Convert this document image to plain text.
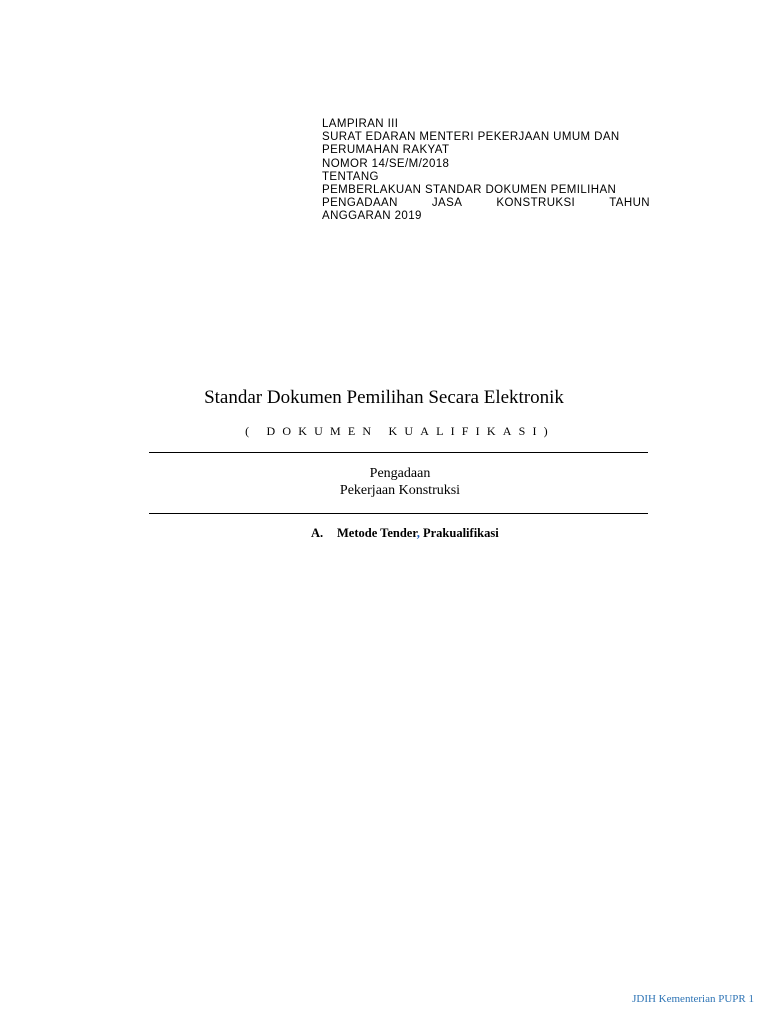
LAMPIRAN III
SURAT EDARAN MENTERI PEKERJAAN UMUM DAN
PERUMAHAN RAKYAT
NOMOR 14/SE/M/2018
TENTANG
PEMBERLAKUAN STANDAR DOKUMEN PEMILIHAN
PENGADAAN	JASA	KONSTRUKSI	TAHUN
ANGGARAN 2019
Standar Dokumen Pemilihan Secara Elektronik
( DOKUMEN KUALIFIKASI)
Pengadaan
Pekerjaan Konstruksi
A. Metode Tender, Prakualifikasi
JDIH Kementerian PUPR 1
